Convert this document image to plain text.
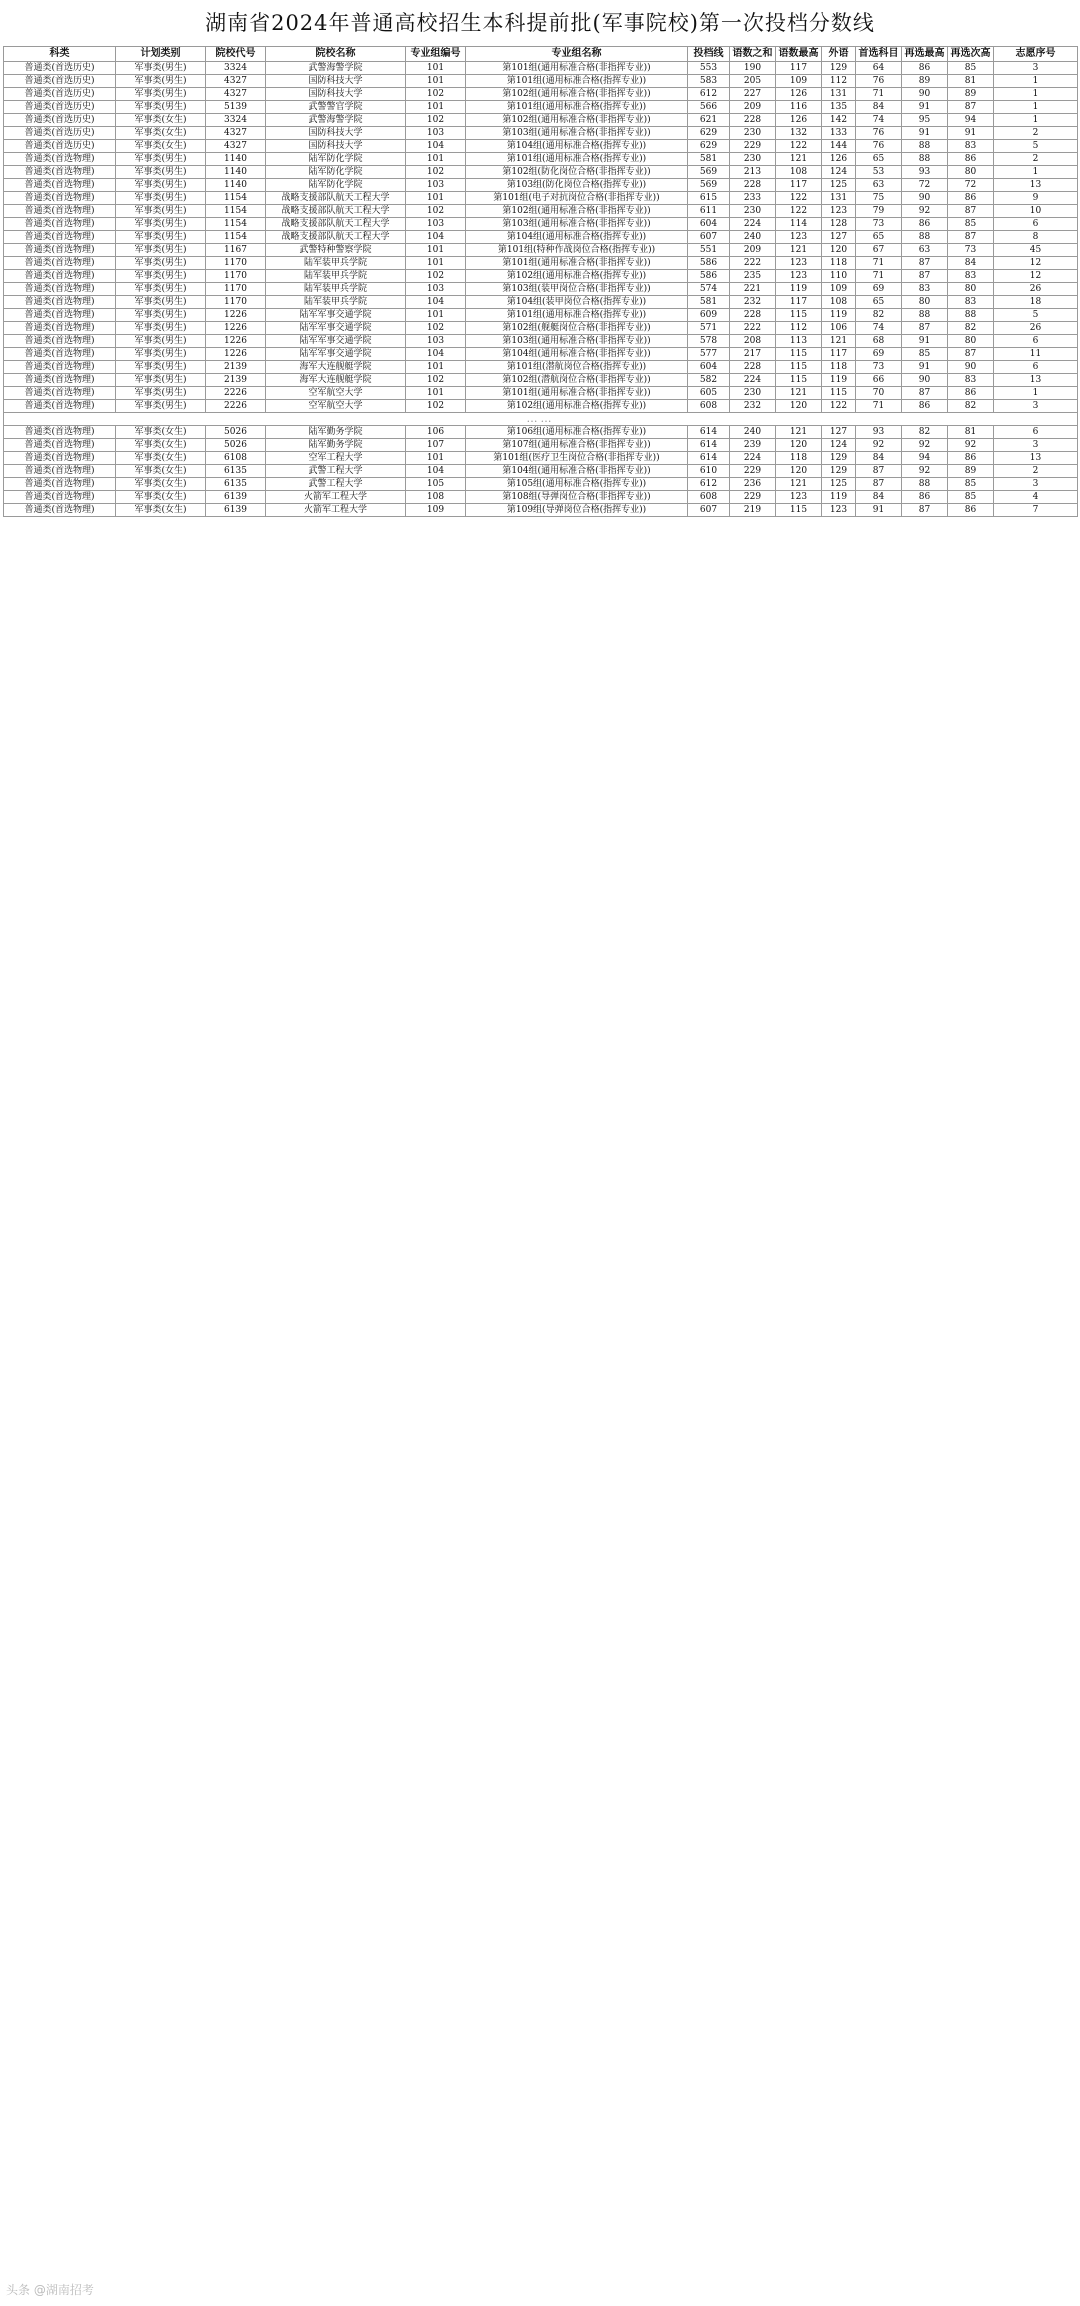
湖南省2024年普通高校招生本科提前批(军事院校)第一次投档分数线
科类	计划类别	院校代号	院校名称	专业组编号	专业组名称	投档线	语数之和	语数最高	外语	首选科目	再选最高	再选次高	志愿序号
普通类(首选历史)	军事类(男生)	3324	武警海警学院	101	第101组(通用标准合格(非指挥专业))	553	190	117	129	64	86	85	3
普通类(首选历史)	军事类(男生)	4327	国防科技大学	101	第101组(通用标准合格(指挥专业))	583	205	109	112	76	89	81	1
普通类(首选历史)	军事类(男生)	4327	国防科技大学	102	第102组(通用标准合格(非指挥专业))	612	227	126	131	71	90	89	1
普通类(首选历史)	军事类(男生)	5139	武警警官学院	101	第101组(通用标准合格(指挥专业))	566	209	116	135	84	91	87	1
普通类(首选历史)	军事类(女生)	3324	武警海警学院	102	第102组(通用标准合格(非指挥专业))	621	228	126	142	74	95	94	1
普通类(首选历史)	军事类(女生)	4327	国防科技大学	103	第103组(通用标准合格(非指挥专业))	629	230	132	133	76	91	91	2
普通类(首选历史)	军事类(女生)	4327	国防科技大学	104	第104组(通用标准合格(指挥专业))	629	229	122	144	76	88	83	5
普通类(首选物理)	军事类(男生)	1140	陆军防化学院	101	第101组(通用标准合格(指挥专业))	581	230	121	126	65	88	86	2
普通类(首选物理)	军事类(男生)	1140	陆军防化学院	102	第102组(防化岗位合格(非指挥专业))	569	213	108	124	53	93	80	1
普通类(首选物理)	军事类(男生)	1140	陆军防化学院	103	第103组(防化岗位合格(指挥专业))	569	228	117	125	63	72	72	13
普通类(首选物理)	军事类(男生)	1154	战略支援部队航天工程大学	101	第101组(电子对抗岗位合格(非指挥专业))	615	233	122	131	75	90	86	9
普通类(首选物理)	军事类(男生)	1154	战略支援部队航天工程大学	102	第102组(通用标准合格(非指挥专业))	611	230	122	123	79	92	87	10
普通类(首选物理)	军事类(男生)	1154	战略支援部队航天工程大学	103	第103组(通用标准合格(非指挥专业))	604	224	114	128	73	86	85	6
普通类(首选物理)	军事类(男生)	1154	战略支援部队航天工程大学	104	第104组(通用标准合格(指挥专业))	607	240	123	127	65	88	87	8
普通类(首选物理)	军事类(男生)	1167	武警特种警察学院	101	第101组(特种作战岗位合格(指挥专业))	551	209	121	120	67	63	73	45
普通类(首选物理)	军事类(男生)	1170	陆军装甲兵学院	101	第101组(通用标准合格(非指挥专业))	586	222	123	118	71	87	84	12
普通类(首选物理)	军事类(男生)	1170	陆军装甲兵学院	102	第102组(通用标准合格(指挥专业))	586	235	123	110	71	87	83	12
普通类(首选物理)	军事类(男生)	1170	陆军装甲兵学院	103	第103组(装甲岗位合格(非指挥专业))	574	221	119	109	69	83	80	26
普通类(首选物理)	军事类(男生)	1170	陆军装甲兵学院	104	第104组(装甲岗位合格(指挥专业))	581	232	117	108	65	80	83	18
普通类(首选物理)	军事类(男生)	1226	陆军军事交通学院	101	第101组(通用标准合格(指挥专业))	609	228	115	119	82	88	88	5
普通类(首选物理)	军事类(男生)	1226	陆军军事交通学院	102	第102组(舰艇岗位合格(非指挥专业))	571	222	112	106	74	87	82	26
普通类(首选物理)	军事类(男生)	1226	陆军军事交通学院	103	第103组(通用标准合格(非指挥专业))	578	208	113	121	68	91	80	6
普通类(首选物理)	军事类(男生)	1226	陆军军事交通学院	104	第104组(通用标准合格(非指挥专业))	577	217	115	117	69	85	87	11
普通类(首选物理)	军事类(男生)	2139	海军大连舰艇学院	101	第101组(潜航岗位合格(指挥专业))	604	228	115	118	73	91	90	6
普通类(首选物理)	军事类(男生)	2139	海军大连舰艇学院	102	第102组(潜航岗位合格(非指挥专业))	582	224	115	119	66	90	83	13
普通类(首选物理)	军事类(男生)	2226	空军航空大学	101	第101组(通用标准合格(非指挥专业))	605	230	121	115	70	87	86	1
普通类(首选物理)	军事类(男生)	2226	空军航空大学	102	第102组(通用标准合格(指挥专业))	608	232	120	122	71	86	82	3
……													
普通类(首选物理)	军事类(女生)	5026	陆军勤务学院	106	第106组(通用标准合格(指挥专业))	614	240	121	127	93	82	81	6
普通类(首选物理)	军事类(女生)	5026	陆军勤务学院	107	第107组(通用标准合格(非指挥专业))	614	239	120	124	92	92	92	3
普通类(首选物理)	军事类(女生)	6108	空军工程大学	101	第101组(医疗卫生岗位合格(非指挥专业))	614	224	118	129	84	94	86	13
普通类(首选物理)	军事类(女生)	6135	武警工程大学	104	第104组(通用标准合格(非指挥专业))	610	229	120	129	87	92	89	2
普通类(首选物理)	军事类(女生)	6135	武警工程大学	105	第105组(通用标准合格(指挥专业))	612	236	121	125	87	88	85	3
普通类(首选物理)	军事类(女生)	6139	火箭军工程大学	108	第108组(导弹岗位合格(非指挥专业))	608	229	123	119	84	86	85	4
普通类(首选物理)	军事类(女生)	6139	火箭军工程大学	109	第109组(导弹岗位合格(指挥专业))	607	219	115	123	91	87	86	7
头条 @湖南招考
